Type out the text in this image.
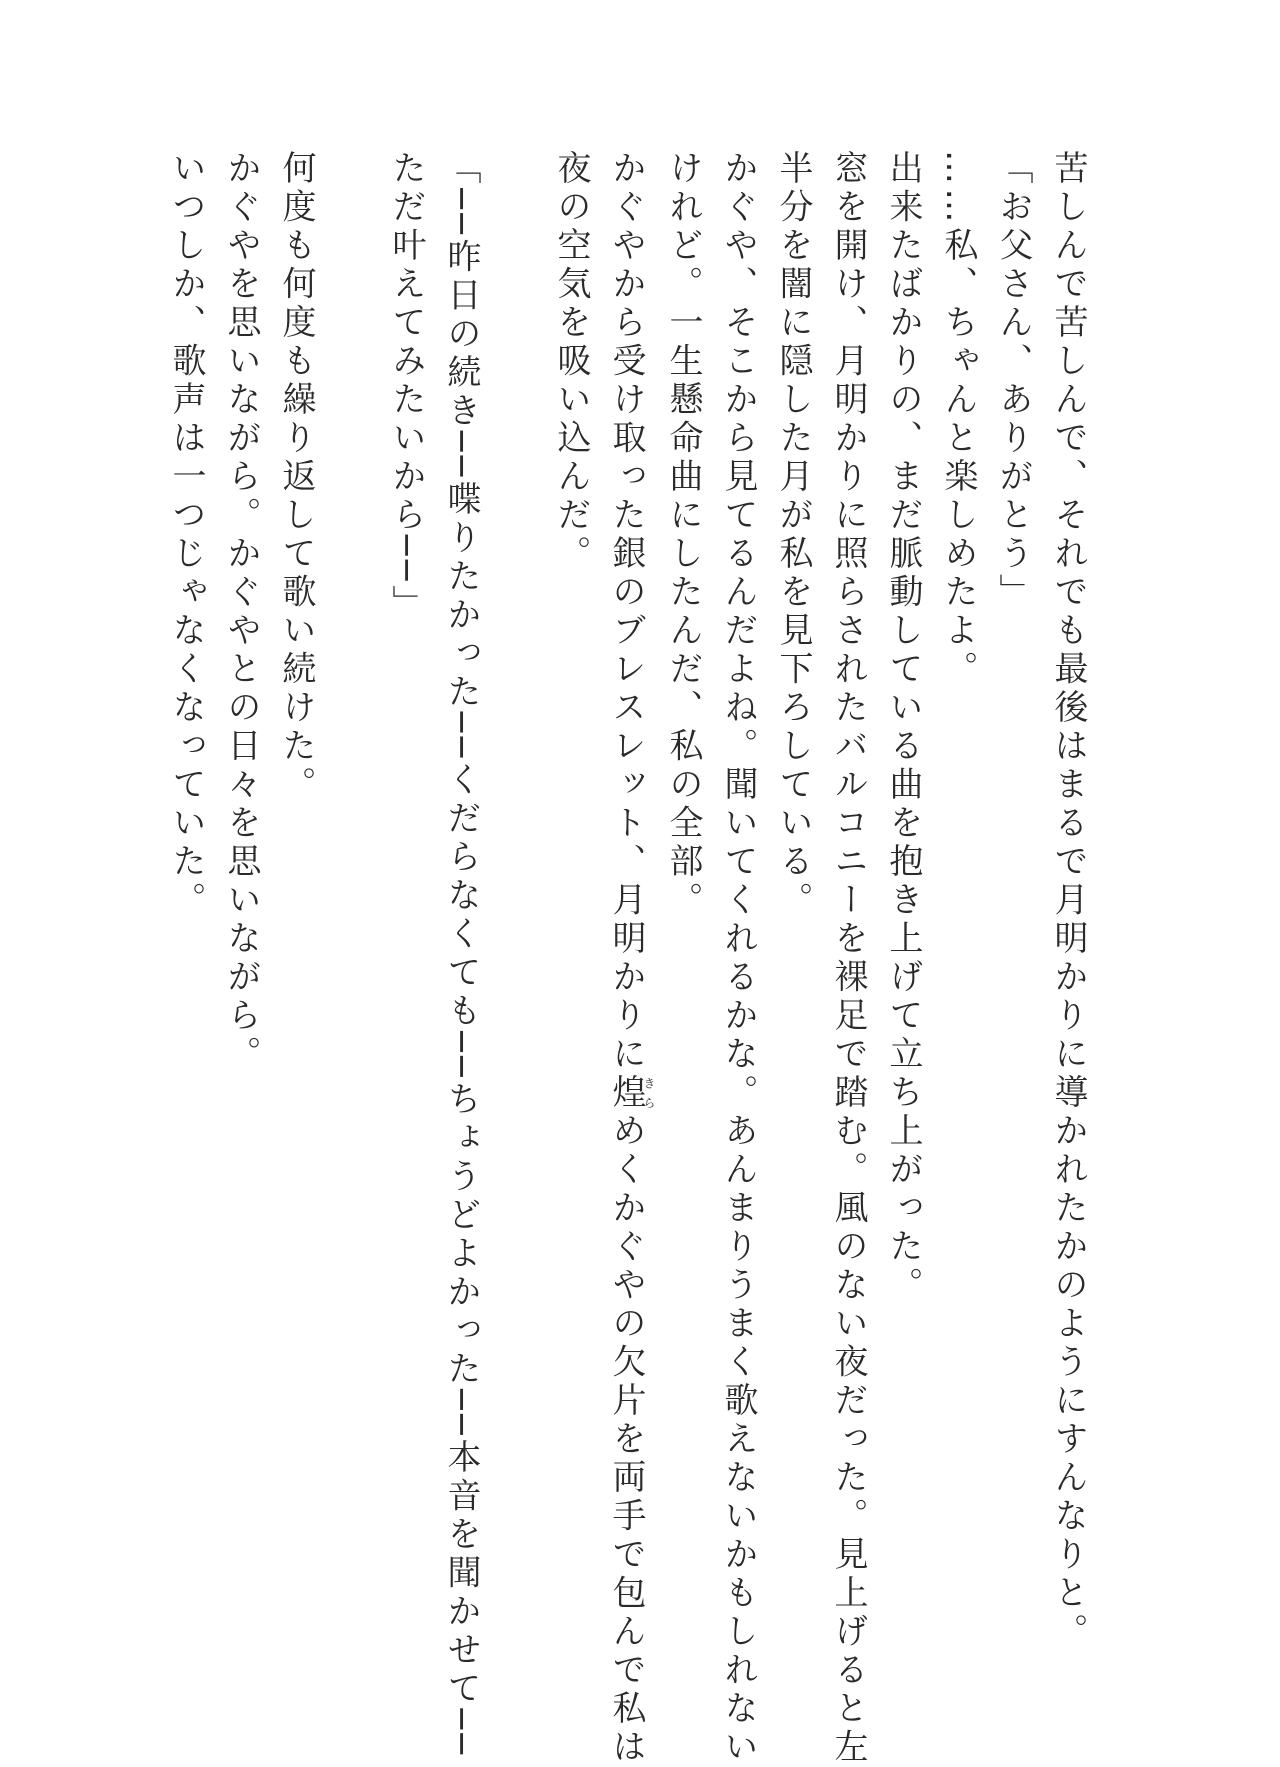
苦しんで苦しんで、それでも最後はまるで月明かりに導かれたかのようにすんなりと。
「お父さん、ありがとう」
……私、ちゃんと楽しめたよ。
出来たばかりの、まだ脈動している曲を抱き上げて立ち上がった。
窓を開け、月明かりに照らされたバルコニーを裸足で踏む。風のない夜だった。見上げると左
半分を闇に隠した月が私を見下ろしている。
かぐや、そこから見てるんだよね。聞いてくれるかな。あんまりうまく歌えないかもしれない
けれど。一生懸命曲にしたんだ、私の全部。
かぐやから受け取った銀のブレスレット、月明かりに煌きらめくかぐやの欠片を両手で包んで私は
夜の空気を吸い込んだ。
「──昨日の続き──喋りたかった──くだらなくても──ちょうどよかった──本音を聞かせて──
ただ叶えてみたいから──」
何度も何度も繰り返して歌い続けた。
かぐやを思いながら。かぐやとの日々を思いながら。
いつしか、歌声は一つじゃなくなっていた。
